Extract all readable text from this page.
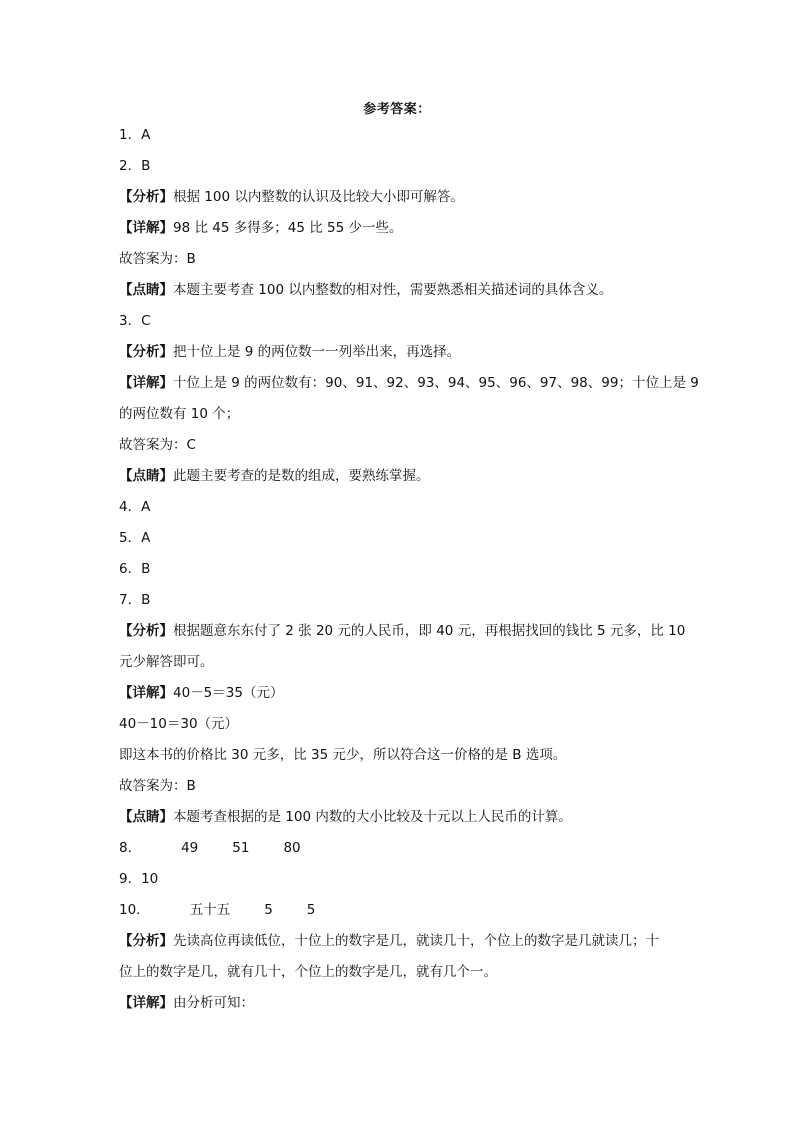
参考答案：
1．A
2．B
【分析】根据 100 以内整数的认识及比较大小即可解答。
【详解】98 比 45 多得多；45 比 55 少一些。
故答案为：B
【点睛】本题主要考查 100 以内整数的相对性，需要熟悉相关描述词的具体含义。
3．C
【分析】把十位上是 9 的两位数一一列举出来，再选择。
【详解】十位上是 9 的两位数有：90、91、92、93、94、95、96、97、98、99；十位上是 9
的两位数有 10 个；
故答案为：C
【点睛】此题主要考查的是数的组成，要熟练掌握。
4．A
5．A
6．B
7．B
【分析】根据题意东东付了 2 张 20 元的人民币，即 40 元，再根据找回的钱比 5 元多，比 10
元少解答即可。
【详解】40－5＝35（元）
40－10＝30（元）
即这本书的价格比 30 元多，比 35 元少，所以符合这一价格的是 B 选项。
故答案为：B
【点睛】本题考查根据的是 100 内数的大小比较及十元以上人民币的计算。
8．	49	51	80
9．10
10．	五十五	5	5
【分析】先读高位再读低位，十位上的数字是几，就读几十，个位上的数字是几就读几；十
位上的数字是几，就有几十，个位上的数字是几，就有几个一。
【详解】由分析可知：
